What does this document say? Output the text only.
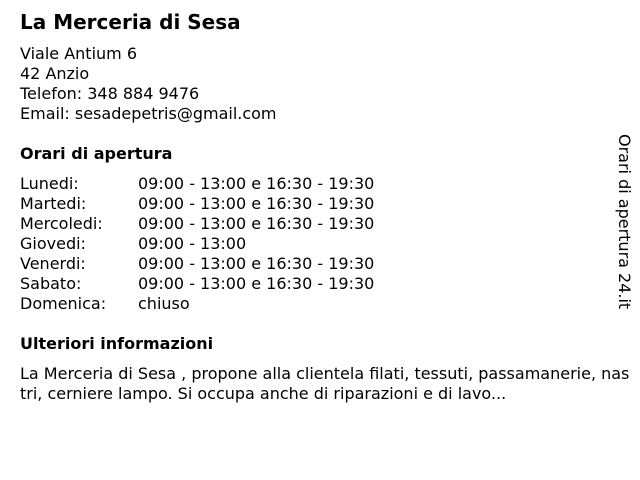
La Merceria di Sesa
Viale Antium 6
42 Anzio
Telefon: 348 884 9476
Email: sesadepetris@gmail.com
Orari di apertura
Lunedi:	09:00 - 13:00 e 16:30 - 19:30
Martedi:	09:00 - 13:00 e 16:30 - 19:30
Mercoledi:	09:00 - 13:00 e 16:30 - 19:30
Giovedi:	09:00 - 13:00
Venerdi:	09:00 - 13:00 e 16:30 - 19:30
Sabato:	09:00 - 13:00 e 16:30 - 19:30
Domenica:	chiuso
Ulteriori informazioni
La Merceria di Sesa , propone alla clientela filati, tessuti, passamanerie, nastri, cerniere lampo. Si occupa anche di riparazioni e di lavo...
Orari di apertura 24.it
